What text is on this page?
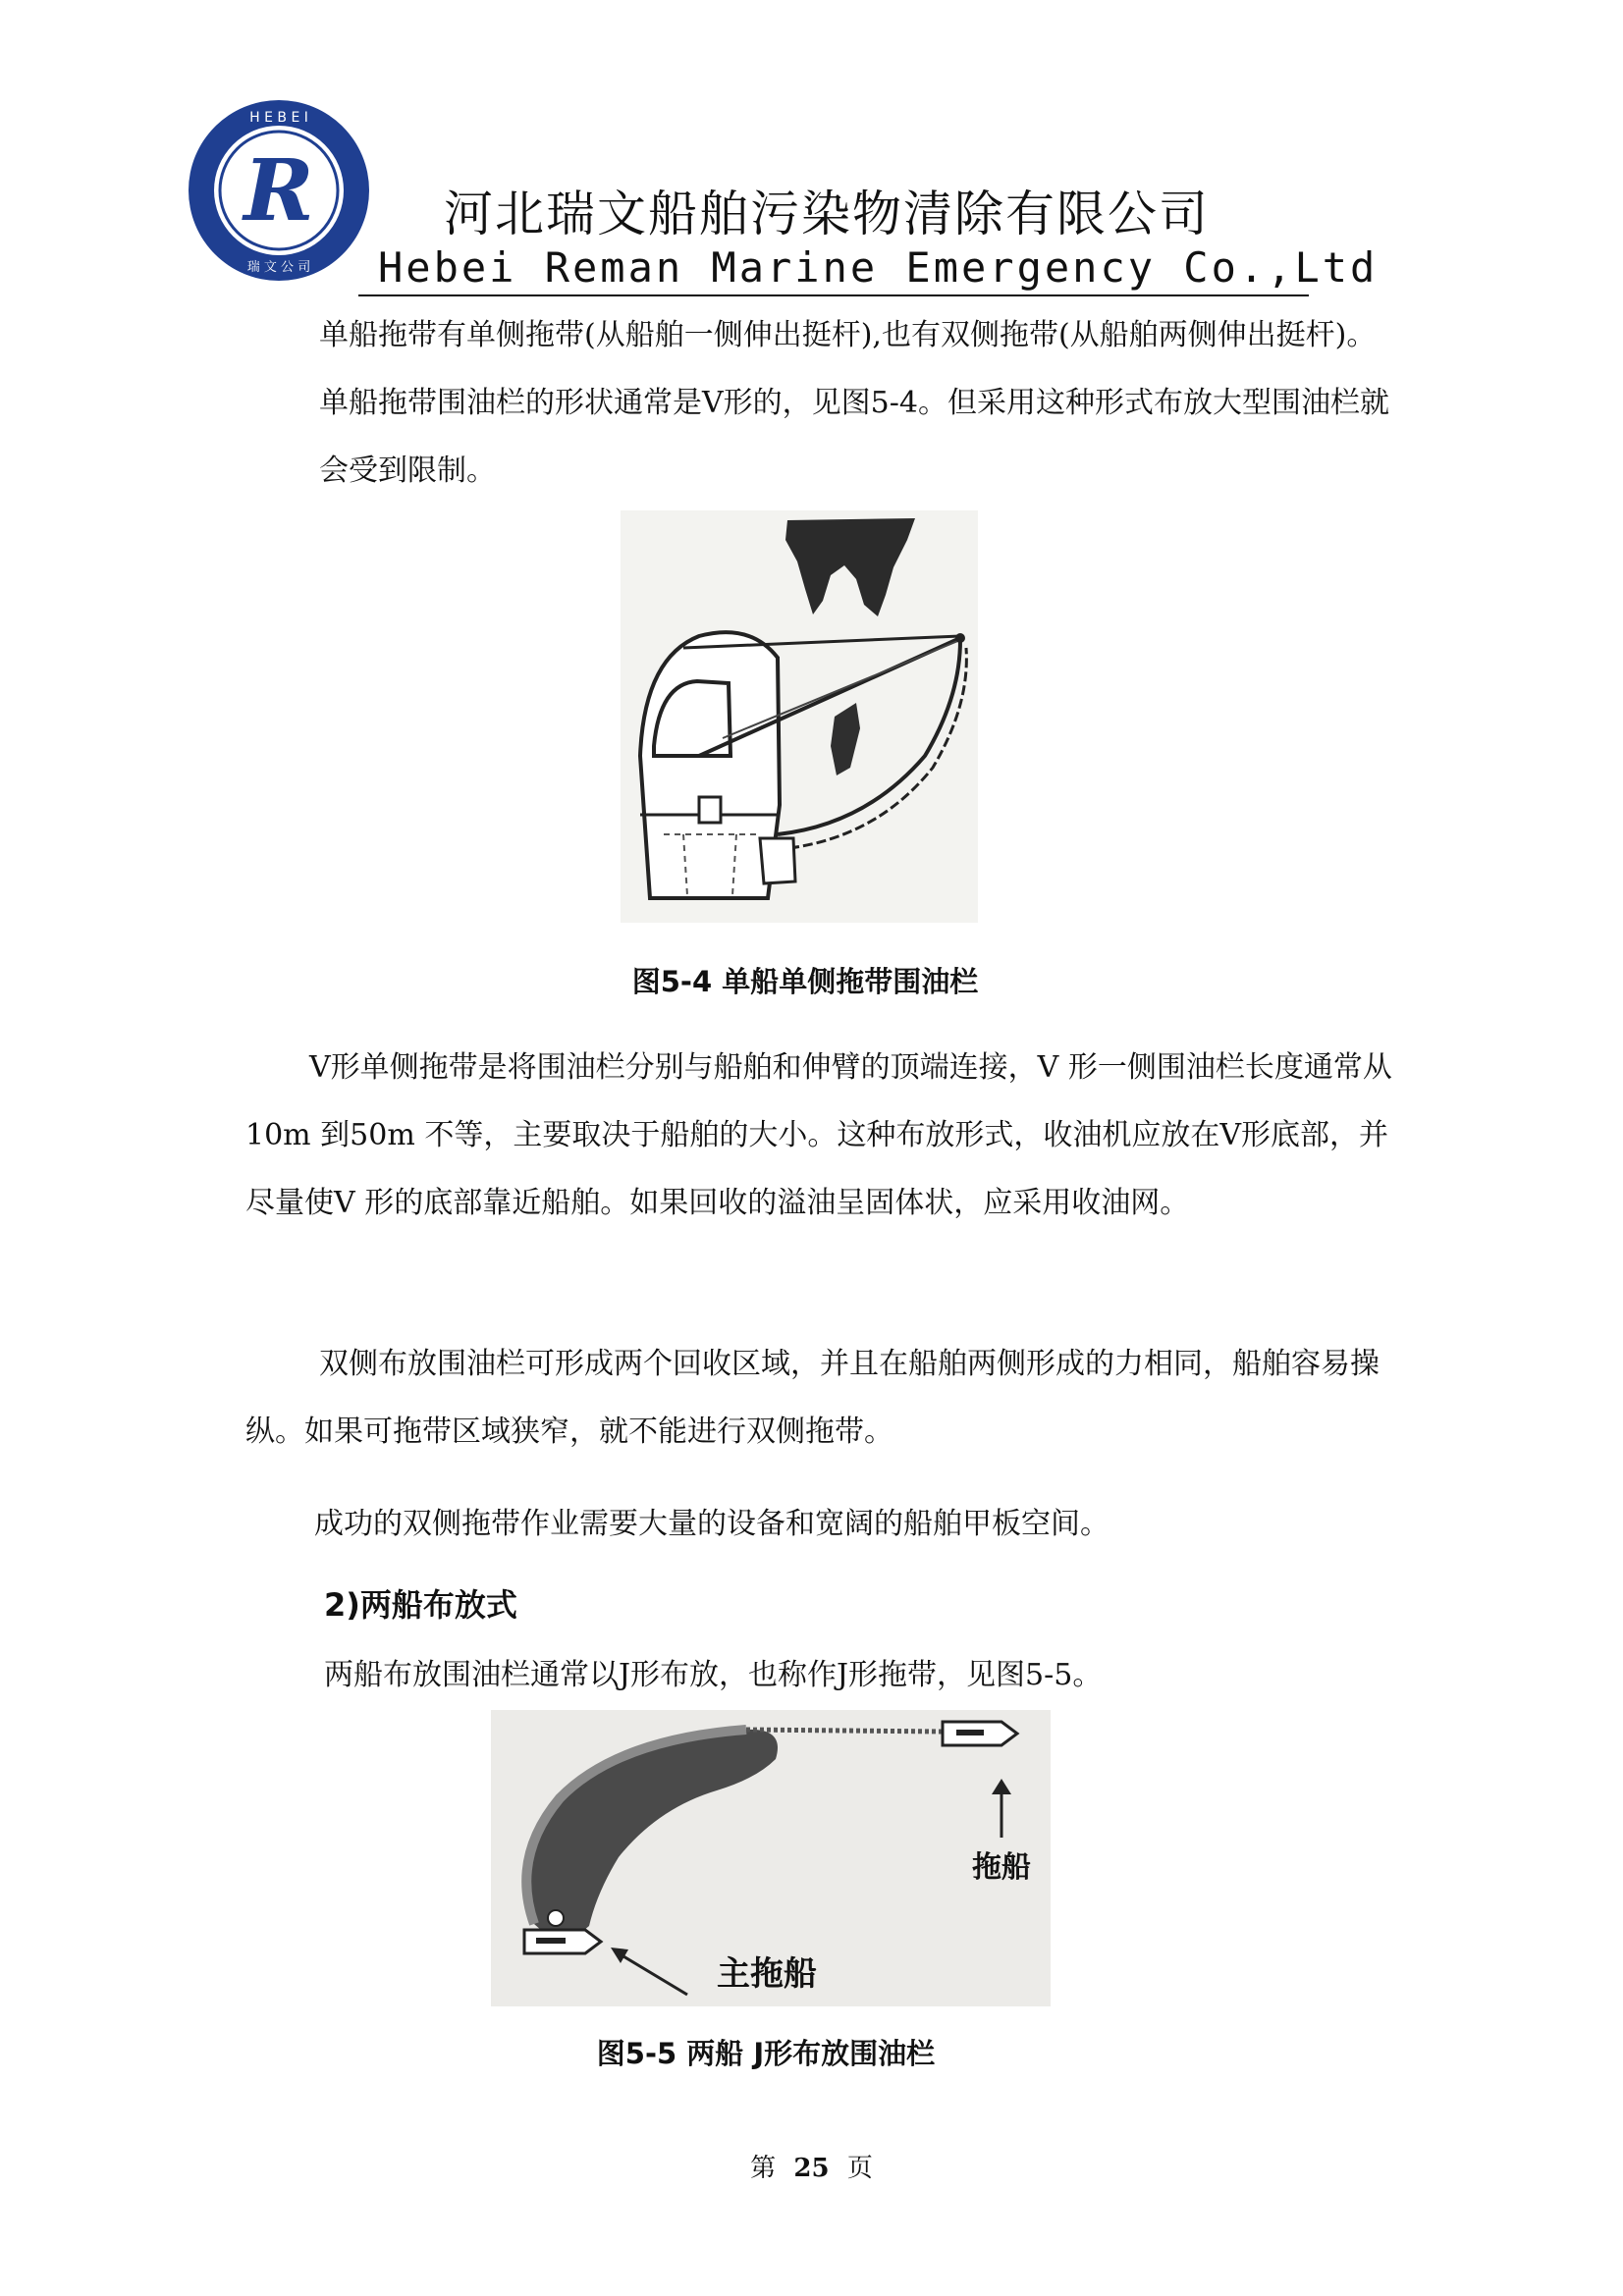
R
H E B E I
瑞 文 公 司
河北瑞文船舶污染物清除有限公司
Hebei Reman Marine Emergency Co.,Ltd

单船拖带有单侧拖带(从船舶一侧伸出挺杆),也有双侧拖带(从船舶两侧伸出挺杆)。单船拖带围油栏的形状通常是V形的，见图5-4。但采用这种形式布放大型围油栏就会受到限制。

图5-4 单船单侧拖带围油栏

V形单侧拖带是将围油栏分别与船舶和伸臂的顶端连接，V 形一侧围油栏长度通常从 10m 到50m 不等，主要取决于船舶的大小。这种布放形式，收油机应放在V形底部，并尽量使V 形的底部靠近船舶。如果回收的溢油呈固体状，应采用收油网。

双侧布放围油栏可形成两个回收区域，并且在船舶两侧形成的力相同，船舶容易操纵。如果可拖带区域狭窄，就不能进行双侧拖带。

成功的双侧拖带作业需要大量的设备和宽阔的船舶甲板空间。

2)两船布放式

两船布放围油栏通常以J形布放，也称作J形拖带，见图5-5。

拖船
主拖船
图5-5 两船 J形布放围油栏
第 25 页
